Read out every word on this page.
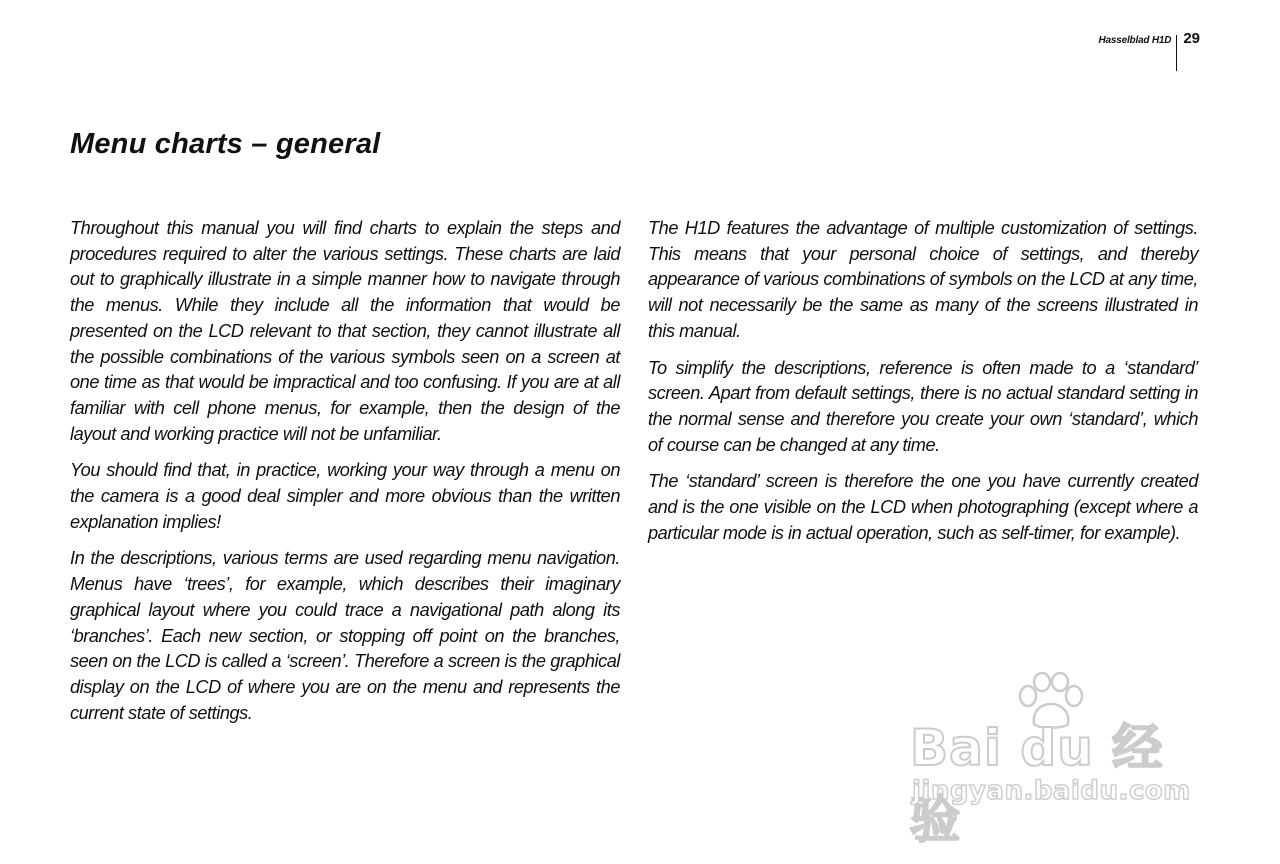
Hasselblad H1D 29
Menu charts – general

Throughout this manual you will find charts to explain the steps and procedures required to alter the various settings. These charts are laid out to graphically illustrate in a simple manner how to navigate through the menus. While they include all the information that would be presented on the LCD relevant to that section, they cannot illustrate all the possible combinations of the various symbols seen on a screen at one time as that would be impractical and too confusing. If you are at all familiar with cell phone menus, for example, then the design of the layout and working practice will not be unfamiliar.

You should find that, in practice, working your way through a menu on the camera is a good deal simpler and more obvious than the written explanation implies!

In the descriptions, various terms are used regarding menu navigation. Menus have ‘trees’, for example, which describes their imaginary graphical layout where you could trace a navigational path along its ‘branches’. Each new section, or stopping off point on the branches, seen on the LCD is called a ‘screen’. Therefore a screen is the graphical display on the LCD of where you are on the menu and represents the current state of settings.

The H1D features the advantage of multiple customization of settings. This means that your personal choice of settings, and thereby appearance of various combinations of symbols on the LCD at any time, will not necessarily be the same as many of the screens illustrated in this manual.

To simplify the descriptions, reference is often made to a ‘standard’ screen. Apart from default settings, there is no actual standard setting in the normal sense and therefore you create your own ‘standard’, which of course can be changed at any time.

The ‘standard’ screen is therefore the one you have currently created and is the one visible on the LCD when photographing (except where a particular mode is in actual operation, such as self-timer, for example).

Bai du 经验
jingyan.baidu.com
